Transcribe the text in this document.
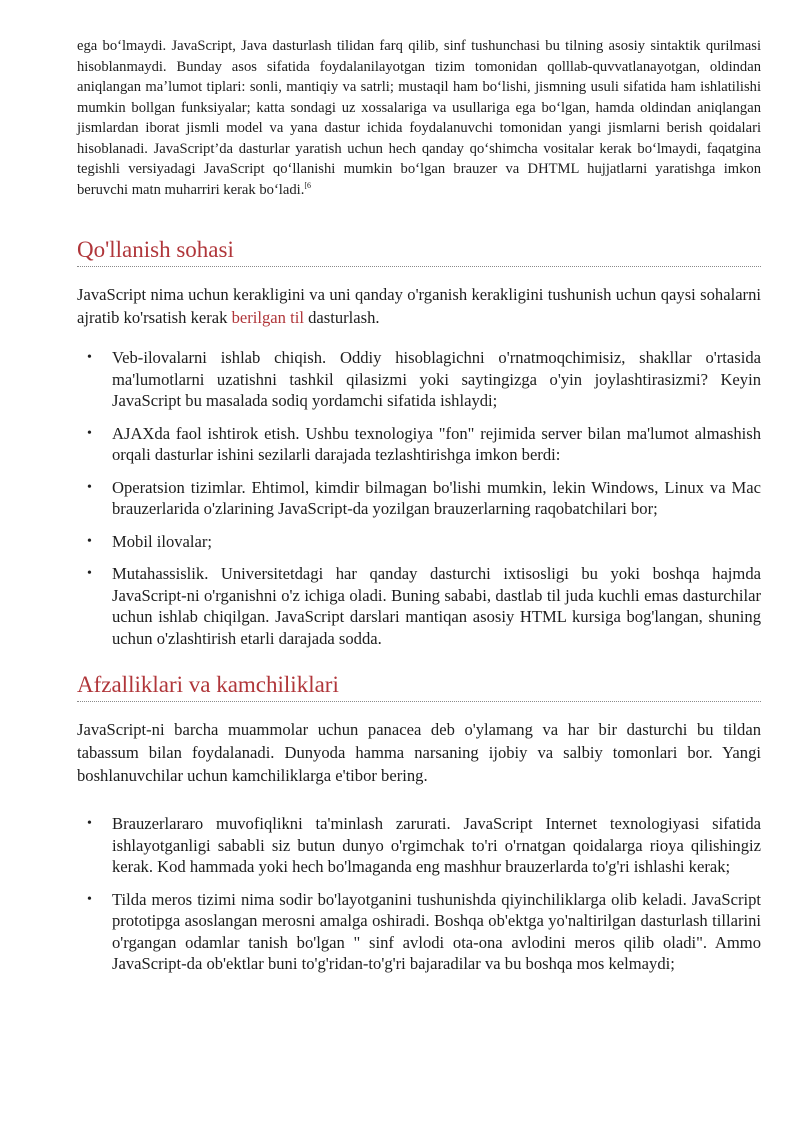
ega boʻlmaydi. JavaScript, Java dasturlash tilidan farq qilib, sinf tushunchasi bu tilning asosiy sintaktik qurilmasi hisoblanmaydi. Bunday asos sifatida foydalanilayotgan tizim tomonidan qolllab-quvvatlanayotgan, oldindan aniqlangan maʼlumot tiplari: sonli, mantiqiy va satrli; mustaqil ham boʻlishi, jismning usuli sifatida ham ishlatilishi mumkin bollgan funksiyalar; katta sondagi uz xossalariga va usullariga ega boʻlgan, hamda oldindan aniqlangan jismlardan iborat jismli model va yana dastur ichida foydalanuvchi tomonidan yangi jismlarni berish qoidalari hisoblanadi. JavaScript’da dasturlar yaratish uchun hech qanday qoʻshimcha vositalar kerak boʻlmaydi, faqatgina tegishli versiyadagi JavaScript qoʻllanishi mumkin boʻlgan brauzer va DHTML hujjatlarni yaratishga imkon beruvchi matn muharriri kerak boʻladi.$^{[6}$

Qo'llanish sohasi

JavaScript nima uchun kerakligini va uni qanday o'rganish kerakligini tushunish uchun qaysi sohalarni ajratib ko'rsatish kerak berilgan til dasturlash.

• Veb-ilovalarni ishlab chiqish. Oddiy hisoblagichni o'rnatmoqchimisiz, shakllar o'rtasida ma'lumotlarni uzatishni tashkil qilasizmi yoki saytingizga o'yin joylashtirasizmi? Keyin JavaScript bu masalada sodiq yordamchi sifatida ishlaydi;
• AJAXda faol ishtirok etish. Ushbu texnologiya "fon" rejimida server bilan ma'lumot almashish orqali dasturlar ishini sezilarli darajada tezlashtirishga imkon berdi:
• Operatsion tizimlar. Ehtimol, kimdir bilmagan bo'lishi mumkin, lekin Windows, Linux va Mac brauzerlarida o'zlarining JavaScript-da yozilgan brauzerlarning raqobatchilari bor;
• Mobil ilovalar;
• Mutahassislik. Universitetdagi har qanday dasturchi ixtisosligi bu yoki boshqa hajmda JavaScript-ni o'rganishni o'z ichiga oladi. Buning sababi, dastlab til juda kuchli emas dasturchilar uchun ishlab chiqilgan. JavaScript darslari mantiqan asosiy HTML kursiga bog'langan, shuning uchun o'zlashtirish etarli darajada sodda.
Afzalliklari va kamchiliklari

JavaScript-ni barcha muammolar uchun panacea deb o'ylamang va har bir dasturchi bu tildan tabassum bilan foydalanadi. Dunyoda hamma narsaning ijobiy va salbiy tomonlari bor. Yangi boshlanuvchilar uchun kamchiliklarga e'tibor bering.

• Brauzerlararo muvofiqlikni ta'minlash zarurati. JavaScript Internet texnologiyasi sifatida ishlayotganligi sababli siz butun dunyo o'rgimchak to'ri o'rnatgan qoidalarga rioya qilishingiz kerak. Kod hammada yoki hech bo'lmaganda eng mashhur brauzerlarda to'g'ri ishlashi kerak;
• Tilda meros tizimi nima sodir bo'layotganini tushunishda qiyinchiliklarga olib keladi. JavaScript prototipga asoslangan merosni amalga oshiradi. Boshqa ob'ektga yo'naltirilgan dasturlash tillarini o'rgangan odamlar tanish bo'lgan " sinf avlodi ota-ona avlodini meros qilib oladi". Ammo JavaScript-da ob'ektlar buni to'g'ridan-to'g'ri bajaradilar va bu boshqa mos kelmaydi;
